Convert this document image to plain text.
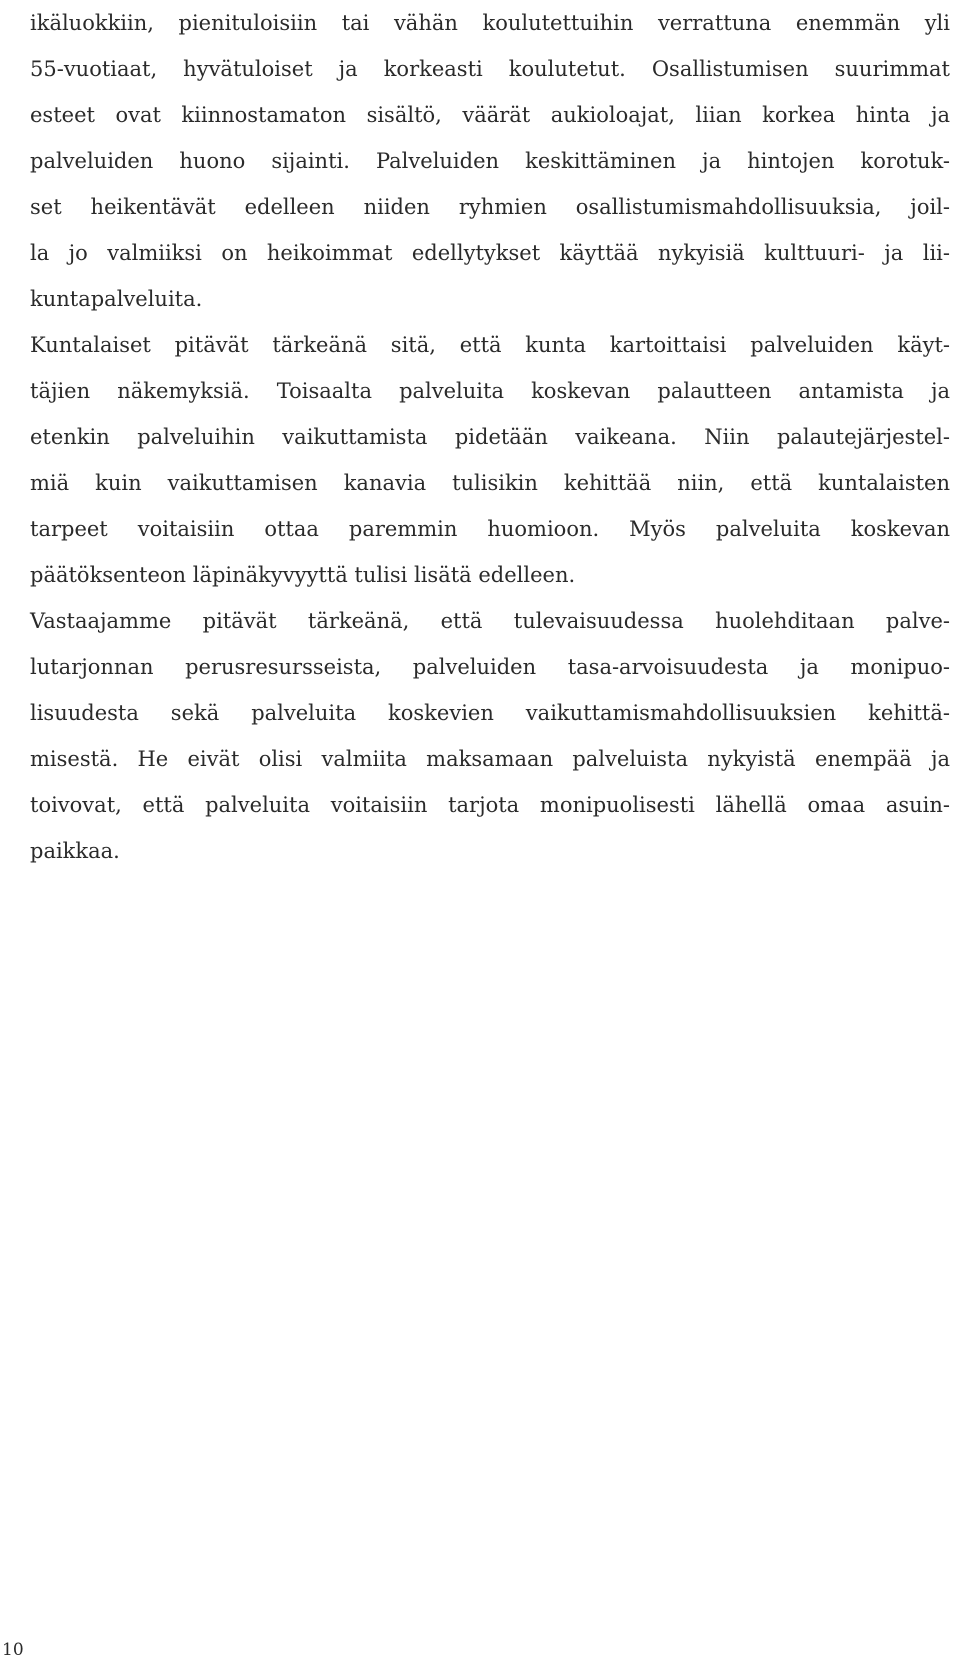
ikäluokkiin, pienituloisiin tai vähän koulutettuihin verrattuna enemmän yli
55-vuotiaat, hyvätuloiset ja korkeasti koulutetut. Osallistumisen suurimmat
esteet ovat kiinnostamaton sisältö, väärät aukioloajat, liian korkea hinta ja
palveluiden huono sijainti. Palveluiden keskittäminen ja hintojen korotuk-
set heikentävät edelleen niiden ryhmien osallistumismahdollisuuksia, joil-
la jo valmiiksi on heikoimmat edellytykset käyttää nykyisiä kulttuuri- ja lii-
kuntapalveluita.
Kuntalaiset pitävät tärkeänä sitä, että kunta kartoittaisi palveluiden käyt-
täjien näkemyksiä. Toisaalta palveluita koskevan palautteen antamista ja
etenkin palveluihin vaikuttamista pidetään vaikeana. Niin palautejärjestel-
miä kuin vaikuttamisen kanavia tulisikin kehittää niin, että kuntalaisten
tarpeet voitaisiin ottaa paremmin huomioon. Myös palveluita koskevan
päätöksenteon läpinäkyvyyttä tulisi lisätä edelleen.
Vastaajamme pitävät tärkeänä, että tulevaisuudessa huolehditaan palve-
lutarjonnan perusresursseista, palveluiden tasa-arvoisuudesta ja monipuo-
lisuudesta sekä palveluita koskevien vaikuttamismahdollisuuksien kehittä-
misestä. He eivät olisi valmiita maksamaan palveluista nykyistä enempää ja
toivovat, että palveluita voitaisiin tarjota monipuolisesti lähellä omaa asuin-
paikkaa.
10
